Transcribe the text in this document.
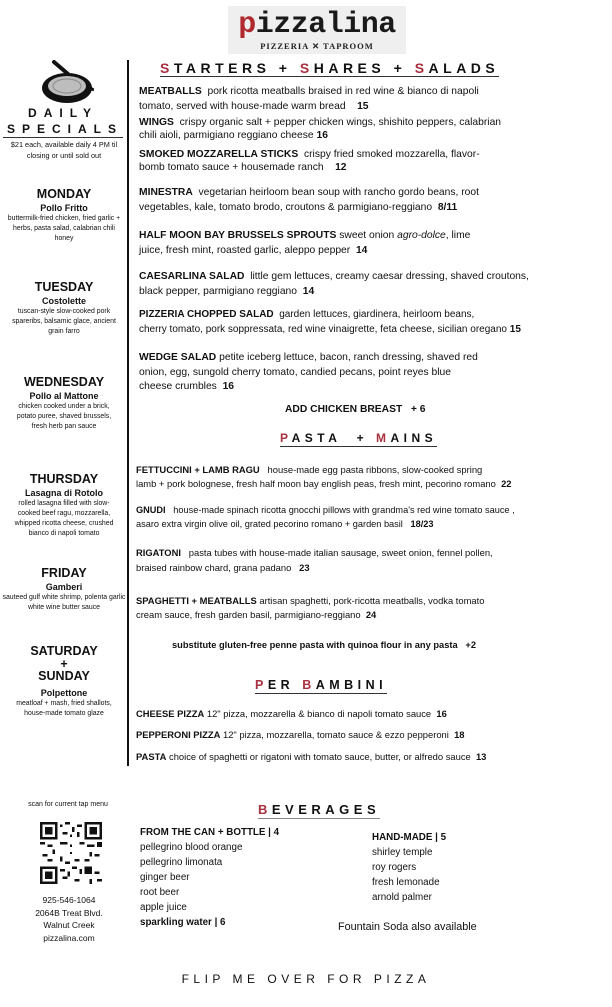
pizzalina
PIZZERIA ✕ TAPROOM
DAILY
SPECIALS
$21 each, available daily 4 PM til closing or until sold out
MONDAY
Pollo Fritto
buttermilk-fried chicken, fried garlic + herbs, pasta salad, calabrian chili honey
TUESDAY
Costolette
tuscan-style slow-cooked pork spareribs, balsamic glace, ancient grain farro
WEDNESDAY
Pollo al Mattone
chicken cooked under a brick, potato puree, shaved brussels, fresh herb pan sauce
THURSDAY
Lasagna di Rotolo
rolled lasagna filled with slow-cooked beef ragu, mozzarella, whipped ricotta cheese, crushed bianco di napoli tomato
FRIDAY
Gamberi
sauteed gulf white shrimp, polenta garlic white wine butter sauce
SATURDAY
+
SUNDAY
Polpettone
meatloaf + mash, fried shallots, house-made tomato glaze
scan for current tap menu
925-546-1064
2064B Treat Blvd.
Walnut Creek
pizzalina.com
STARTERS + SHARES + SALADS
MEATBALLS pork ricotta meatballs braised in red wine & bianco di napoli
tomato, served with house-made warm bread 15
WINGS crispy organic salt + pepper chicken wings, shishito peppers, calabrian
chili aioli, parmigiano reggiano cheese 16
SMOKED MOZZARELLA STICKS crispy fried smoked mozzarella, flavor-
bomb tomato sauce + housemade ranch 12
MINESTRA vegetarian heirloom bean soup with rancho gordo beans, root
vegetables, kale, tomato brodo, croutons & parmigiano-reggiano 8/11
HALF MOON BAY BRUSSELS SPROUTS sweet onion agro-dolce, lime
juice, fresh mint, roasted garlic, aleppo pepper 14
CAESARLINA SALAD little gem lettuces, creamy caesar dressing, shaved croutons,
black pepper, parmigiano reggiano 14
PIZZERIA CHOPPED SALAD garden lettuces, giardinera, heirloom beans,
cherry tomato, pork soppressata, red wine vinaigrette, feta cheese, sicilian oregano 15
WEDGE SALAD petite iceberg lettuce, bacon, ranch dressing, shaved red
onion, egg, sungold cherry tomato, candied pecans, point reyes blue
cheese crumbles 16
ADD CHICKEN BREAST + 6
PASTA  + MAINS
FETTUCCINI + LAMB RAGU house-made egg pasta ribbons, slow-cooked spring
lamb + pork bolognese, fresh half moon bay english peas, fresh mint, pecorino romano 22
GNUDI house-made spinach ricotta gnocchi pillows with grandma's red wine tomato sauce ,
asaro extra virgin olive oil, grated pecorino romano + garden basil 18/23
RIGATONI pasta tubes with house-made italian sausage, sweet onion, fennel pollen,
braised rainbow chard, grana padano 23
SPAGHETTI + MEATBALLS artisan spaghetti, pork-ricotta meatballs, vodka tomato
cream sauce, fresh garden basil, parmigiano-reggiano 24
substitute gluten-free penne pasta with quinoa flour in any pasta +2
PER BAMBINI
CHEESE PIZZA 12" pizza, mozzarella & bianco di napoli tomato sauce 16
PEPPERONI PIZZA 12" pizza, mozzarella, tomato sauce & ezzo pepperoni 18
PASTA choice of spaghetti or rigatoni with tomato sauce, butter, or alfredo sauce 13
BEVERAGES
FROM THE CAN + BOTTLE | 4
pellegrino blood orange
pellegrino limonata
ginger beer
root beer
apple juice
sparkling water | 6
HAND-MADE | 5
shirley temple
roy rogers
fresh lemonade
arnold palmer
Fountain Soda also available
FLIP ME OVER FOR PIZZA
